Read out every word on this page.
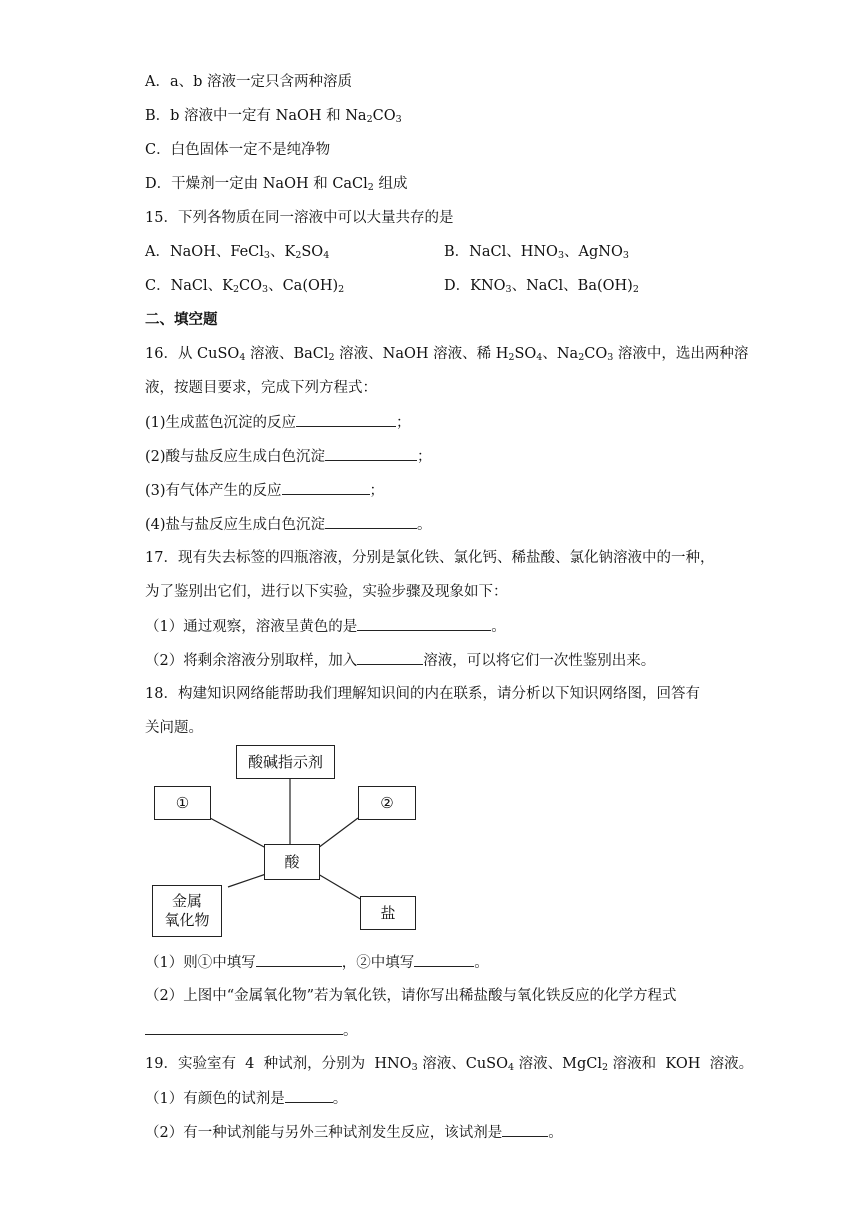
A．a、b 溶液一定只含两种溶质
B．b 溶液中一定有 NaOH 和 $Na_2CO_3$
C．白色固体一定不是纯净物
D．干燥剂一定由 NaOH 和 CaCl$_2$ 组成
15．下列各物质在同一溶液中可以大量共存的是
A．NaOH、FeCl$_3$、$K_2SO_4$	B．NaCl、$HNO_3$、AgNO$_3$
C．NaCl、$K_2CO_3$、$Ca(OH)_2$	D．$KNO_3$、NaCl、$Ba(OH)_2$
二、填空题
16．从 CuSO$_4$ 溶液、BaCl$_2$ 溶液、NaOH 溶液、稀 $H_2SO_4$、$Na_2CO_3$ 溶液中，选出两种溶
液，按题目要求，完成下列方程式：
(1)生成蓝色沉淀的反应	；
(2)酸与盐反应生成白色沉淀	；
(3)有气体产生的反应	；
(4)盐与盐反应生成白色沉淀	。
17．现有失去标签的四瓶溶液，分别是氯化铁、氯化钙、稀盐酸、氯化钠溶液中的一种，
为了鉴别出它们，进行以下实验，实验步骤及现象如下：
（1）通过观察，溶液呈黄色的是	。
（2）将剩余溶液分别取样，加入	溶液，可以将它们一次性鉴别出来。
18．构建知识网络能帮助我们理解知识间的内在联系，请分析以下知识网络图，回答有
关问题。
酸碱指示剂
①	②
酸
金属
氧化物	盐
（1）则①中填写	，②中填写	。
（2）上图中“金属氧化物”若为氧化铁，请你写出稀盐酸与氧化铁反应的化学方程式
。
19．实验室有  4  种试剂，分别为  $HNO_3$ 溶液、CuSO$_4$ 溶液、MgCl$_2$ 溶液和  KOH  溶液。
（1）有颜色的试剂是	。
（2）有一种试剂能与另外三种试剂发生反应，该试剂是	。
